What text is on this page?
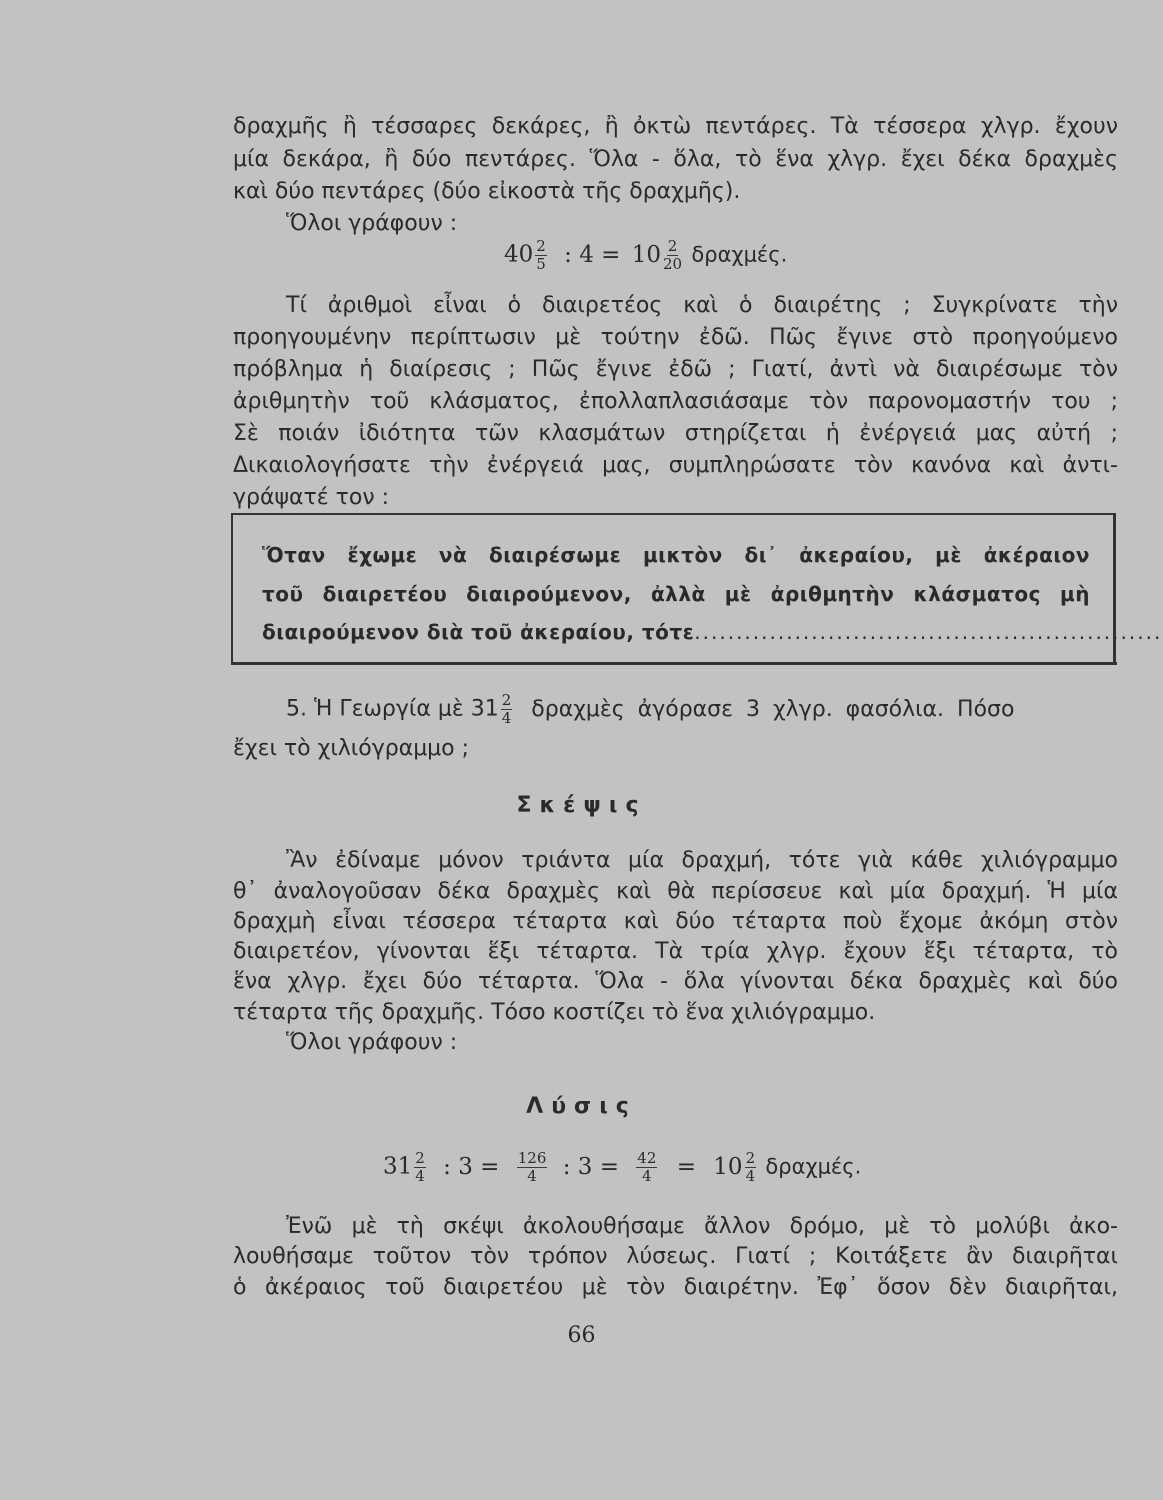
δραχμῆς ἢ τέσσαρες δεκάρες, ἢ ὀκτὼ πεντάρες. Τὰ τέσσερα χλγρ. ἔχουν
μία δεκάρα, ἢ δύο πεντάρες. Ὅλα - ὅλα, τὸ ἕνα χλγρ. ἔχει δέκα δραχμὲς
καὶ δύο πεντάρες (δύο εἰκοστὰ τῆς δραχμῆς).
Ὅλοι γράφουν :
$40 \frac{2}{5}$ : $4 = 10 \frac{2}{20} \delta\rho\alpha\chi\mu έ\varsigma$.
Τί ἀριθμοὶ εἶναι ὁ διαιρετέος καὶ ὁ διαιρέτης ; Συγκρίνατε τὴν
προηγουμένην περίπτωσιν μὲ τούτην ἐδῶ. Πῶς ἔγινε στὸ προηγούμενο
πρόβλημα ἡ διαίρεσις ; Πῶς ἔγινε ἐδῶ ; Γιατί, ἀντὶ νὰ διαιρέσωμε τὸν
ἀριθμητὴν τοῦ κλάσματος, ἐπολλαπλασιάσαμε τὸν παρονομαστήν του ;
Σὲ ποιάν ἰδιότητα τῶν κλασμάτων στηρίζεται ἡ ἐνέργειά μας αὐτή ;
Δικαιολογήσατε τὴν ἐνέργειά μας, συμπληρώσατε τὸν κανόνα καὶ ἀντι-
γράψατέ τον :
Ὅταν ἔχωμε νὰ διαιρέσωμε μικτὸν δι᾽ ἀκεραίου, μὲ ἀκέραιον
τοῦ διαιρετέου διαιρούμενον, ἀλλὰ μὲ ἀριθμητὴν κλάσματος μὴ
διαιρούμενον διὰ τοῦ ἀκεραίου, τότε........................................................
5. Ἡ Γεωργία μὲ $31 \frac{2}{4}$ δραχμὲς ἀγόρασε 3 χλγρ. φασόλια. Πόσο
ἔχει τὸ χιλιόγραμμο ;
Σκέψις
Ἂν ἐδίναμε μόνον τριάντα μία δραχμή, τότε γιὰ κάθε χιλιόγραμμο
θ᾽ ἀναλογοῦσαν δέκα δραχμὲς καὶ θὰ περίσσευε καὶ μία δραχμή. Ἡ μία
δραχμὴ εἶναι τέσσερα τέταρτα καὶ δύο τέταρτα ποὺ ἔχομε ἀκόμη στὸν
διαιρετέον, γίνονται ἕξι τέταρτα. Τὰ τρία χλγρ. ἔχουν ἕξι τέταρτα, τὸ
ἕνα χλγρ. ἔχει δύο τέταρτα. Ὅλα - ὅλα γίνονται δέκα δραχμὲς καὶ δύο
τέταρτα τῆς δραχμῆς. Τόσο κοστίζει τὸ ἕνα χιλιόγραμμο.
Ὅλοι γράφουν :
Λύσις
$31 \frac{2}{4}$ : $3 = \frac{126}{4}$ : $3 = \frac{42}{4} = 10 \frac{2}{4} \delta\rho\alpha\chi\mu έ\varsigma$.
Ἐνῶ μὲ τὴ σκέψι ἀκολουθήσαμε ἄλλον δρόμο, μὲ τὸ μολύβι ἀκο-
λουθήσαμε τοῦτον τὸν τρόπον λύσεως. Γιατί ; Κοιτάξετε ἂν διαιρῆται
ὁ ἀκέραιος τοῦ διαιρετέου μὲ τὸν διαιρέτην. Ἐφ᾽ ὅσον δὲν διαιρῆται,
66
